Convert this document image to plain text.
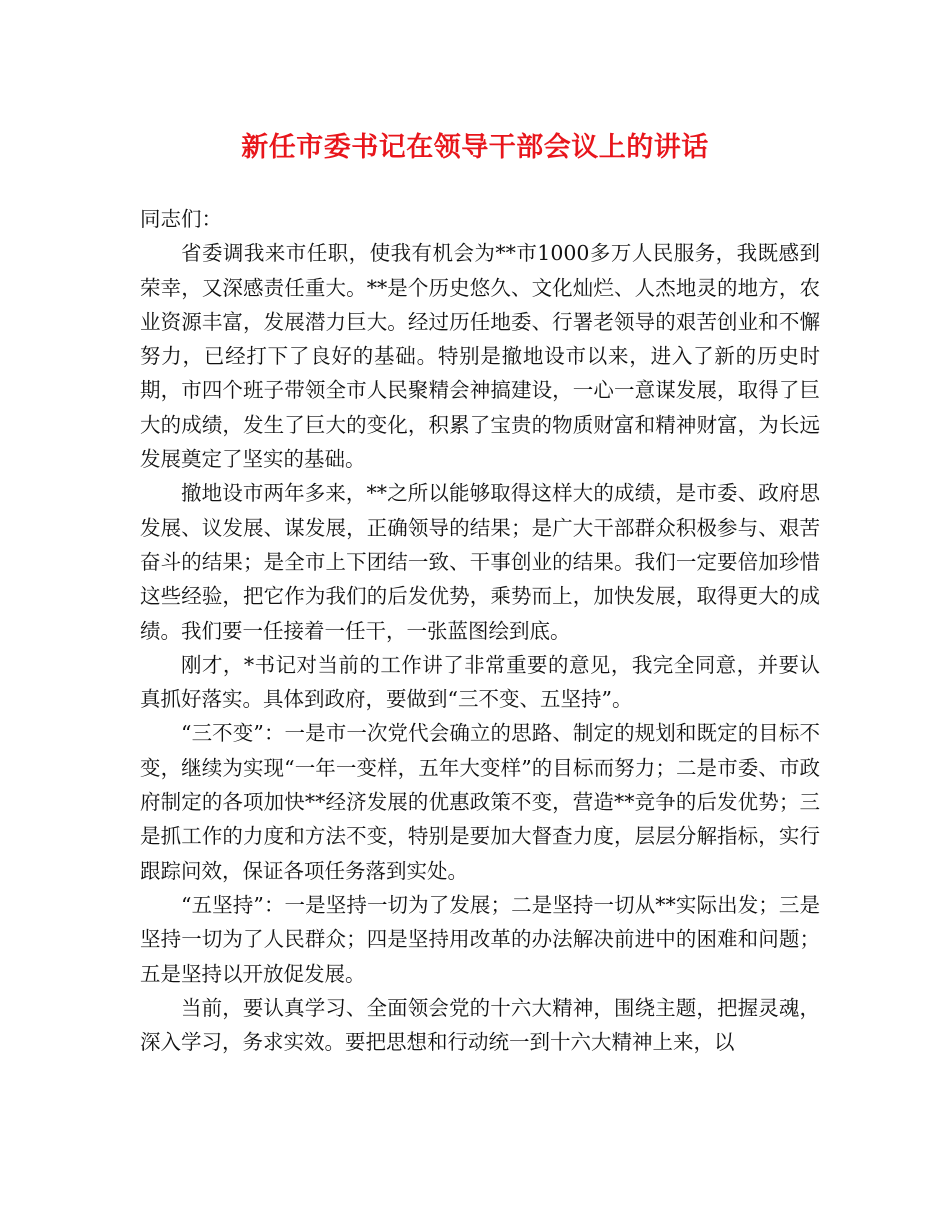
新任市委书记在领导干部会议上的讲话

同志们：

省委调我来市任职，使我有机会为**市1000多万人民服务，我既感到荣幸，又深感责任重大。**是个历史悠久、文化灿烂、人杰地灵的地方，农业资源丰富，发展潜力巨大。经过历任地委、行署老领导的艰苦创业和不懈努力，已经打下了良好的基础。特别是撤地设市以来，进入了新的历史时期，市四个班子带领全市人民聚精会神搞建设，一心一意谋发展，取得了巨大的成绩，发生了巨大的变化，积累了宝贵的物质财富和精神财富，为长远发展奠定了坚实的基础。

撤地设市两年多来，**之所以能够取得这样大的成绩，是市委、政府思发展、议发展、谋发展，正确领导的结果；是广大干部群众积极参与、艰苦奋斗的结果；是全市上下团结一致、干事创业的结果。我们一定要倍加珍惜这些经验，把它作为我们的后发优势，乘势而上，加快发展，取得更大的成绩。我们要一任接着一任干，一张蓝图绘到底。

刚才，*书记对当前的工作讲了非常重要的意见，我完全同意，并要认真抓好落实。具体到政府，要做到“三不变、五坚持”。

“三不变”：一是市一次党代会确立的思路、制定的规划和既定的目标不变，继续为实现“一年一变样，五年大变样”的目标而努力；二是市委、市政府制定的各项加快**经济发展的优惠政策不变，营造**竞争的后发优势；三是抓工作的力度和方法不变，特别是要加大督查力度，层层分解指标，实行跟踪问效，保证各项任务落到实处。

“五坚持”：一是坚持一切为了发展；二是坚持一切从**实际出发；三是坚持一切为了人民群众；四是坚持用改革的办法解决前进中的困难和问题；五是坚持以开放促发展。

当前，要认真学习、全面领会党的十六大精神，围绕主题，把握灵魂，深入学习，务求实效。要把思想和行动统一到十六大精神上来，以
